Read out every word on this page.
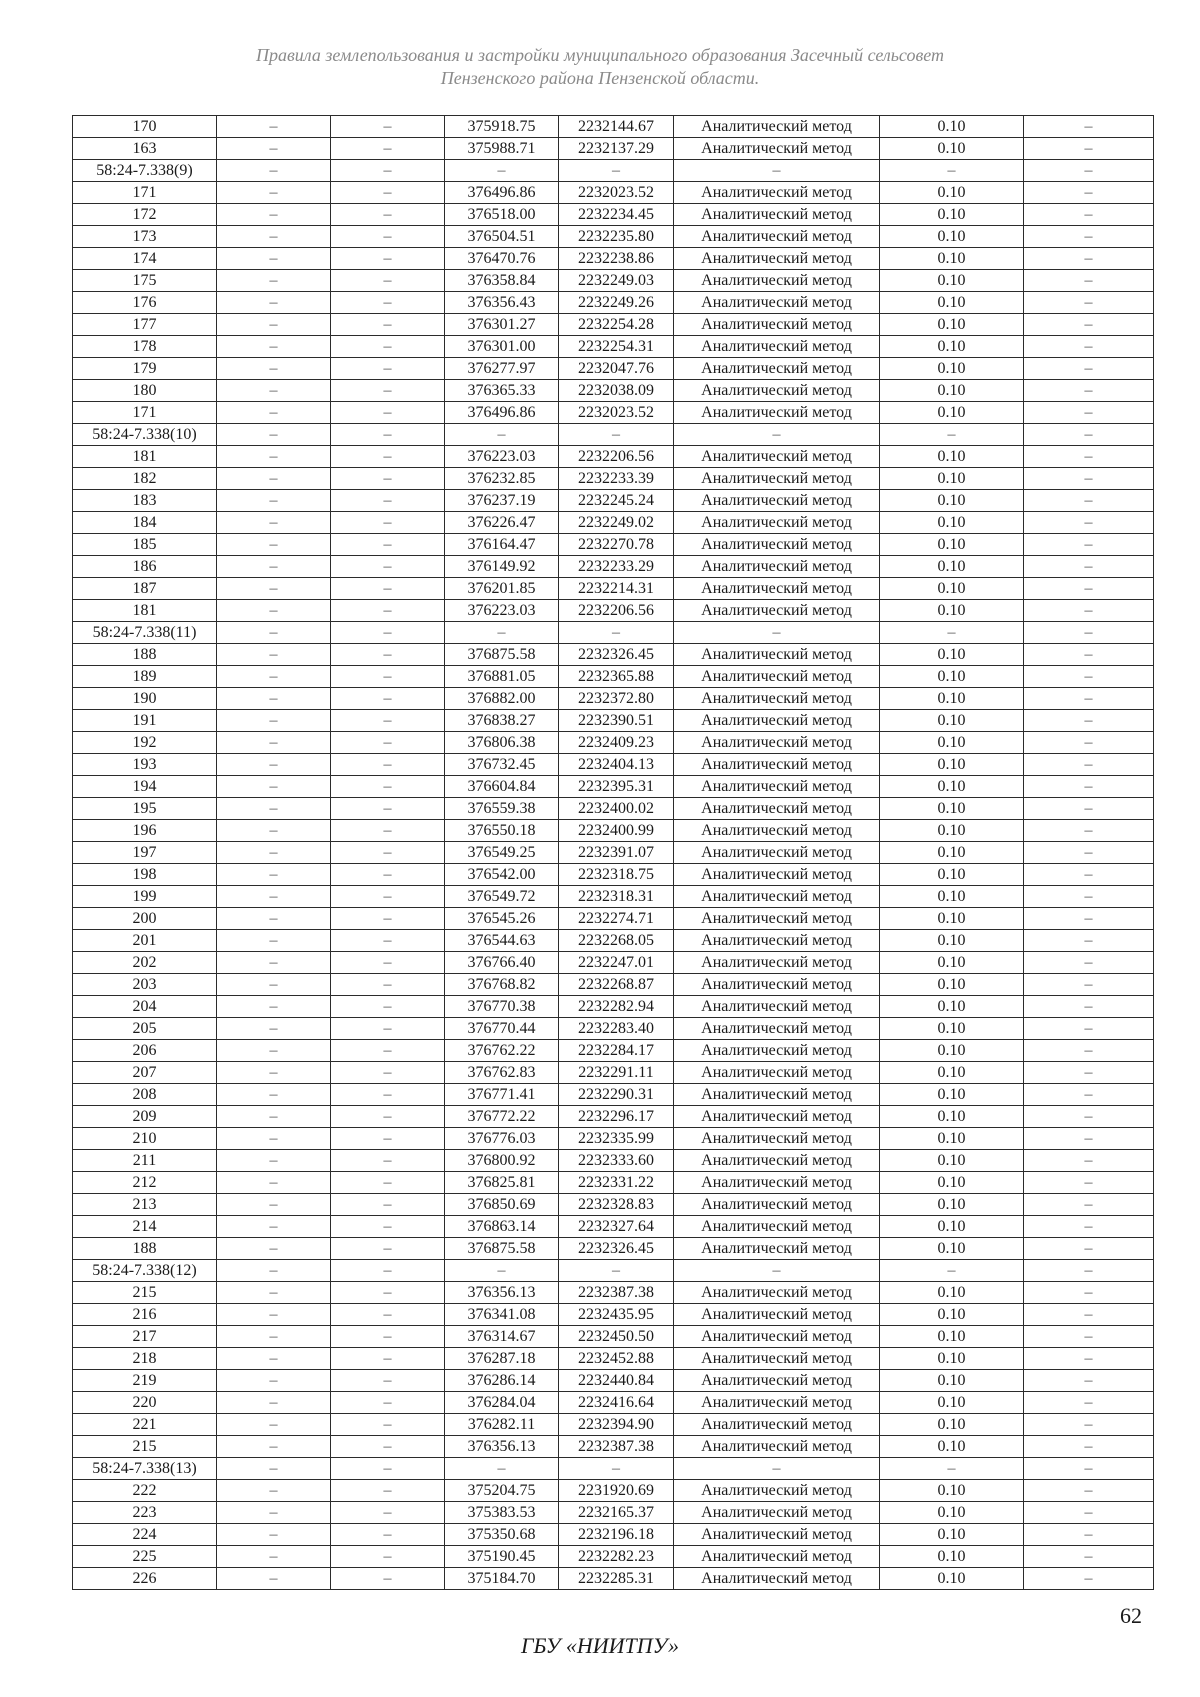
Правила землепользования и застройки муниципального образования Засечный сельсовет
Пензенского района Пензенской области.
170	–	–	375918.75	2232144.67	Аналитический метод	0.10	–
163	–	–	375988.71	2232137.29	Аналитический метод	0.10	–
58:24-7.338(9)	–	–	–	–	–	–	–
171	–	–	376496.86	2232023.52	Аналитический метод	0.10	–
172	–	–	376518.00	2232234.45	Аналитический метод	0.10	–
173	–	–	376504.51	2232235.80	Аналитический метод	0.10	–
174	–	–	376470.76	2232238.86	Аналитический метод	0.10	–
175	–	–	376358.84	2232249.03	Аналитический метод	0.10	–
176	–	–	376356.43	2232249.26	Аналитический метод	0.10	–
177	–	–	376301.27	2232254.28	Аналитический метод	0.10	–
178	–	–	376301.00	2232254.31	Аналитический метод	0.10	–
179	–	–	376277.97	2232047.76	Аналитический метод	0.10	–
180	–	–	376365.33	2232038.09	Аналитический метод	0.10	–
171	–	–	376496.86	2232023.52	Аналитический метод	0.10	–
58:24-7.338(10)	–	–	–	–	–	–	–
181	–	–	376223.03	2232206.56	Аналитический метод	0.10	–
182	–	–	376232.85	2232233.39	Аналитический метод	0.10	–
183	–	–	376237.19	2232245.24	Аналитический метод	0.10	–
184	–	–	376226.47	2232249.02	Аналитический метод	0.10	–
185	–	–	376164.47	2232270.78	Аналитический метод	0.10	–
186	–	–	376149.92	2232233.29	Аналитический метод	0.10	–
187	–	–	376201.85	2232214.31	Аналитический метод	0.10	–
181	–	–	376223.03	2232206.56	Аналитический метод	0.10	–
58:24-7.338(11)	–	–	–	–	–	–	–
188	–	–	376875.58	2232326.45	Аналитический метод	0.10	–
189	–	–	376881.05	2232365.88	Аналитический метод	0.10	–
190	–	–	376882.00	2232372.80	Аналитический метод	0.10	–
191	–	–	376838.27	2232390.51	Аналитический метод	0.10	–
192	–	–	376806.38	2232409.23	Аналитический метод	0.10	–
193	–	–	376732.45	2232404.13	Аналитический метод	0.10	–
194	–	–	376604.84	2232395.31	Аналитический метод	0.10	–
195	–	–	376559.38	2232400.02	Аналитический метод	0.10	–
196	–	–	376550.18	2232400.99	Аналитический метод	0.10	–
197	–	–	376549.25	2232391.07	Аналитический метод	0.10	–
198	–	–	376542.00	2232318.75	Аналитический метод	0.10	–
199	–	–	376549.72	2232318.31	Аналитический метод	0.10	–
200	–	–	376545.26	2232274.71	Аналитический метод	0.10	–
201	–	–	376544.63	2232268.05	Аналитический метод	0.10	–
202	–	–	376766.40	2232247.01	Аналитический метод	0.10	–
203	–	–	376768.82	2232268.87	Аналитический метод	0.10	–
204	–	–	376770.38	2232282.94	Аналитический метод	0.10	–
205	–	–	376770.44	2232283.40	Аналитический метод	0.10	–
206	–	–	376762.22	2232284.17	Аналитический метод	0.10	–
207	–	–	376762.83	2232291.11	Аналитический метод	0.10	–
208	–	–	376771.41	2232290.31	Аналитический метод	0.10	–
209	–	–	376772.22	2232296.17	Аналитический метод	0.10	–
210	–	–	376776.03	2232335.99	Аналитический метод	0.10	–
211	–	–	376800.92	2232333.60	Аналитический метод	0.10	–
212	–	–	376825.81	2232331.22	Аналитический метод	0.10	–
213	–	–	376850.69	2232328.83	Аналитический метод	0.10	–
214	–	–	376863.14	2232327.64	Аналитический метод	0.10	–
188	–	–	376875.58	2232326.45	Аналитический метод	0.10	–
58:24-7.338(12)	–	–	–	–	–	–	–
215	–	–	376356.13	2232387.38	Аналитический метод	0.10	–
216	–	–	376341.08	2232435.95	Аналитический метод	0.10	–
217	–	–	376314.67	2232450.50	Аналитический метод	0.10	–
218	–	–	376287.18	2232452.88	Аналитический метод	0.10	–
219	–	–	376286.14	2232440.84	Аналитический метод	0.10	–
220	–	–	376284.04	2232416.64	Аналитический метод	0.10	–
221	–	–	376282.11	2232394.90	Аналитический метод	0.10	–
215	–	–	376356.13	2232387.38	Аналитический метод	0.10	–
58:24-7.338(13)	–	–	–	–	–	–	–
222	–	–	375204.75	2231920.69	Аналитический метод	0.10	–
223	–	–	375383.53	2232165.37	Аналитический метод	0.10	–
224	–	–	375350.68	2232196.18	Аналитический метод	0.10	–
225	–	–	375190.45	2232282.23	Аналитический метод	0.10	–
226	–	–	375184.70	2232285.31	Аналитический метод	0.10	–
62
ГБУ «НИИТПУ»
